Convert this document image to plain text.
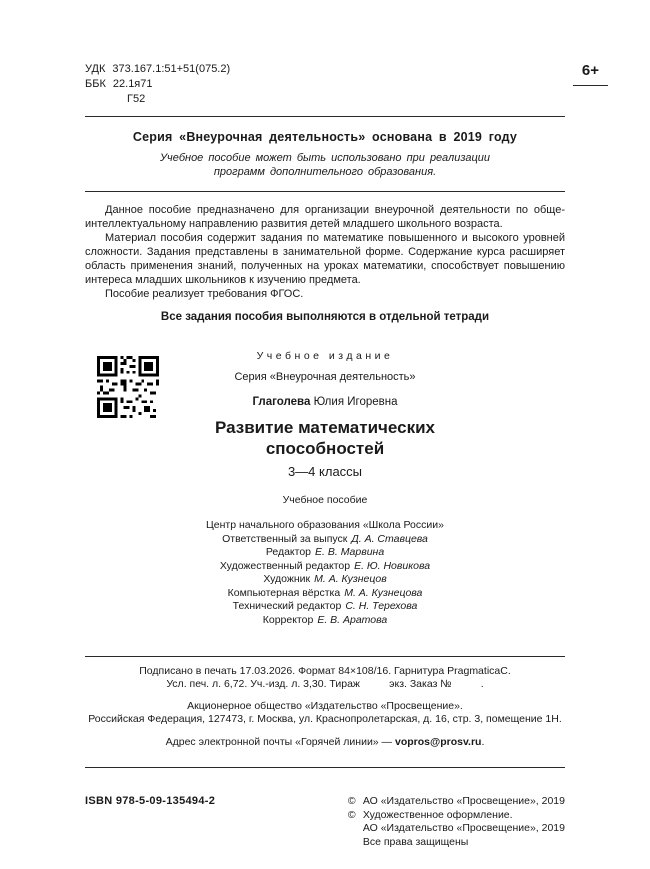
УДК 373.167.1:51+51(075.2)
ББК 22.1я71
Г52
6+
Серия «Внеурочная деятельность» основана в 2019 году
Учебное пособие может быть использовано при реализации
программ дополнительного образования.

Данное пособие предназначено для организации внеурочной деятельности по обще-интеллектуальному направлению развития детей младшего школьного возраста.

Материал пособия содержит задания по математике повышенного и высокого уровней сложности. Задания представлены в занимательной форме. Содержание курса расширяет область применения знаний, полученных на уроках математики, способствует повышению интереса младших школьников к изучению предмета.

Пособие реализует требования ФГОС.

Все задания пособия выполняются в отдельной тетради
Учебное издание
Серия «Внеурочная деятельность»
Глаголева Юлия Игоревна
Развитие математических
способностей
3—4 классы
Учебное пособие
Центр начального образования «Школа России»
Ответственный за выпуск Д. А. Ставцева
Редактор Е. В. Марвина
Художественный редактор Е. Ю. Новикова
Художник М. А. Кузнецов
Компьютерная вёрстка М. А. Кузнецова
Технический редактор С. Н. Терехова
Корректор Е. В. Аратова
Подписано в печать 17.03.2026. Формат 84×108/16. Гарнитура PragmaticaC.
Усл. печ. л. 6,72. Уч.-изд. л. 3,30. Тираж          экз. Заказ №          .
Акционерное общество «Издательство «Просвещение».
Российская Федерация, 127473, г. Москва, ул. Краснопролетарская, д. 16, стр. 3, помещение 1Н.
Адрес электронной почты «Горячей линии» — vopros@prosv.ru.
ISBN 978-5-09-135494-2	© АО «Издательство «Просвещение», 2019
© Художественное оформление.
АО «Издательство «Просвещение», 2019
Все права защищены
